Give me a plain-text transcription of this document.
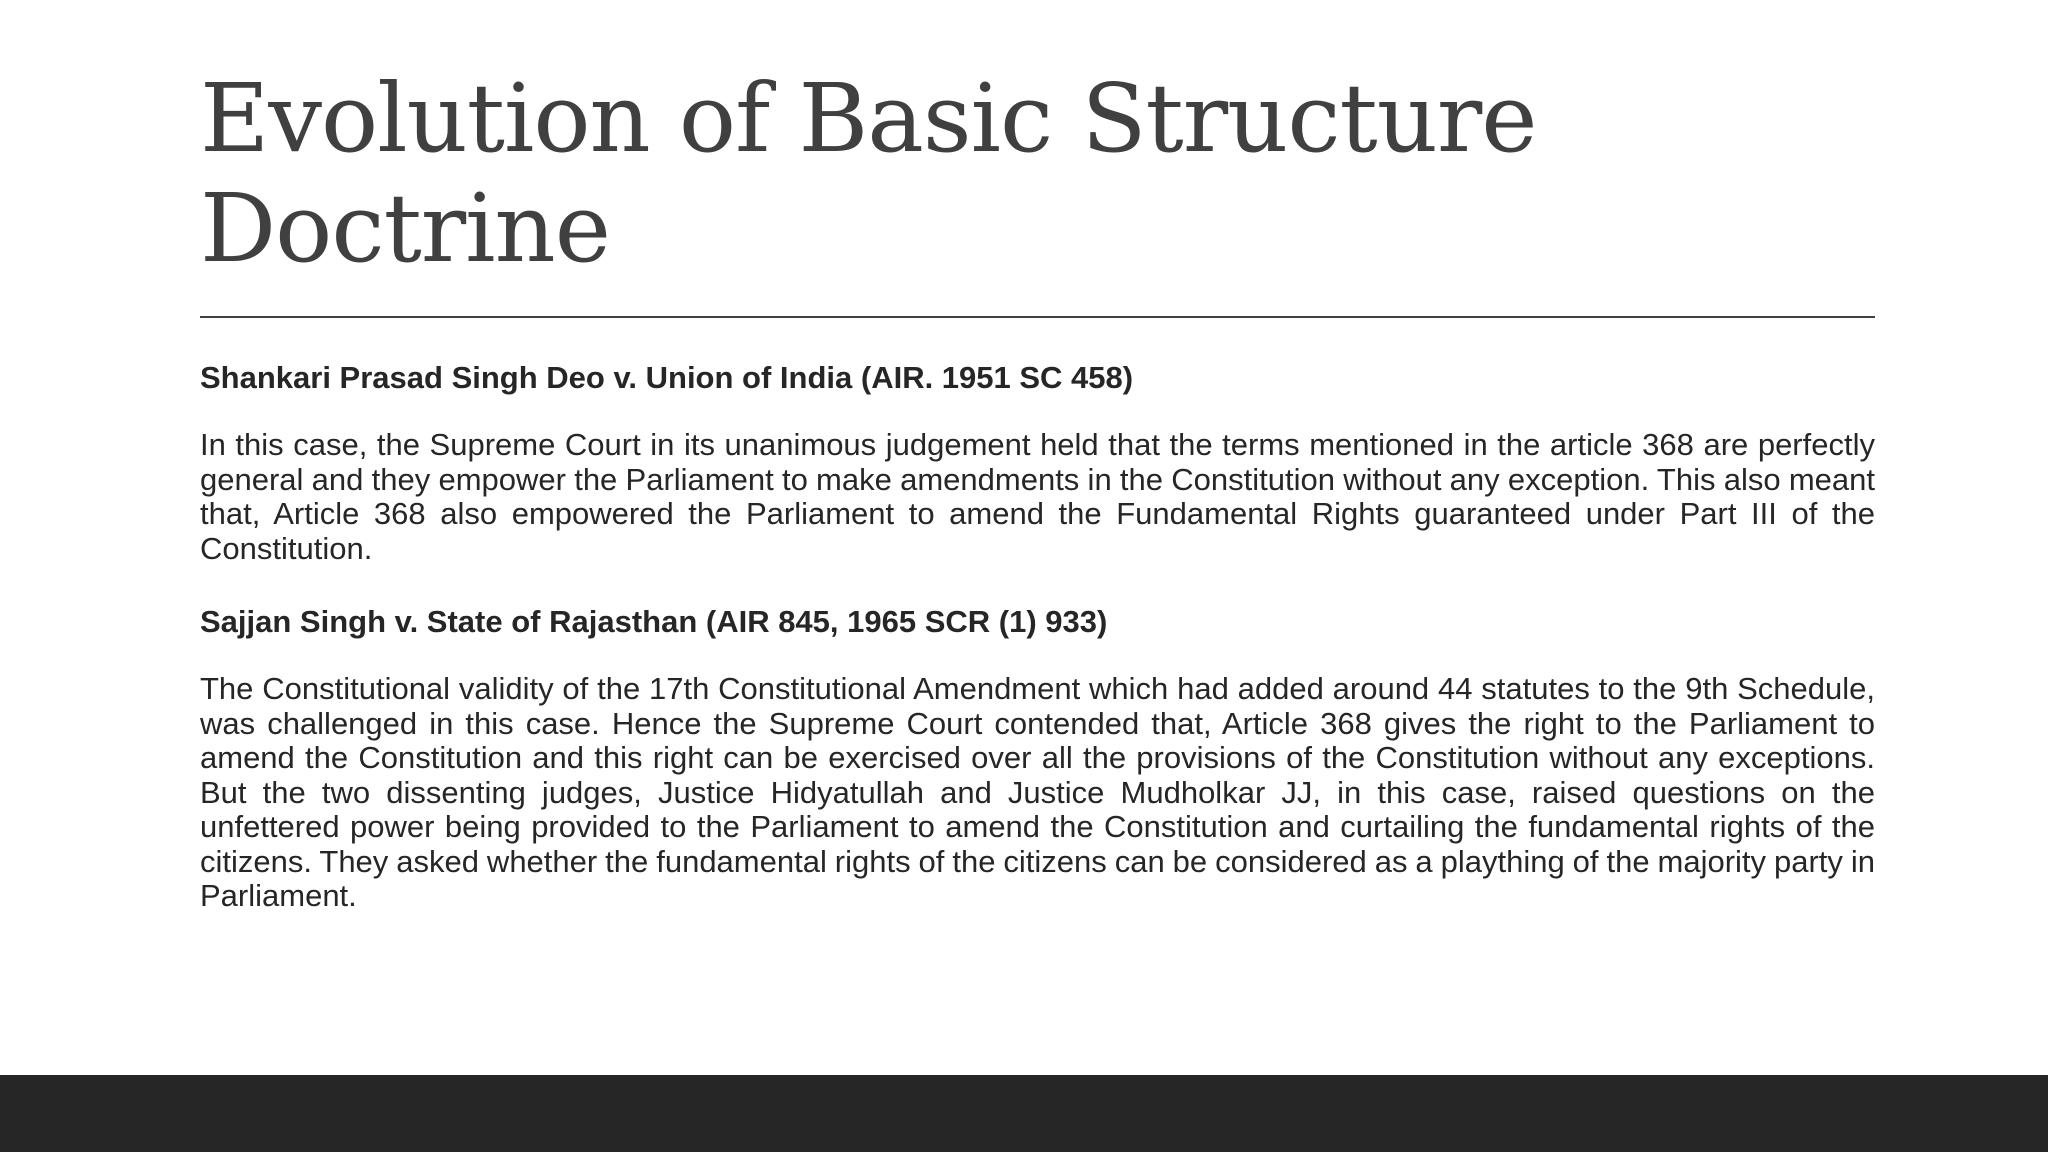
Evolution of Basic Structure Doctrine

Shankari Prasad Singh Deo v. Union of India (AIR. 1951 SC 458)

In this case, the Supreme Court in its unanimous judgement held that the terms mentioned in the article 368 are perfectly general and they empower the Parliament to make amendments in the Constitution without any exception. This also meant that, Article 368 also empowered the Parliament to amend the Fundamental Rights guaranteed under Part III of the Constitution.

Sajjan Singh v. State of Rajasthan (AIR 845, 1965 SCR (1) 933)

The Constitutional validity of the 17th Constitutional Amendment which had added around 44 statutes to the 9th Schedule, was challenged in this case. Hence the Supreme Court contended that, Article 368 gives the right to the Parliament to amend the Constitution and this right can be exercised over all the provisions of the Constitution without any exceptions. But the two dissenting judges, Justice Hidyatullah and Justice Mudholkar JJ, in this case, raised questions on the unfettered power being provided to the Parliament to amend the Constitution and curtailing the fundamental rights of the citizens. They asked whether the fundamental rights of the citizens can be considered as a plaything of the majority party in Parliament.
